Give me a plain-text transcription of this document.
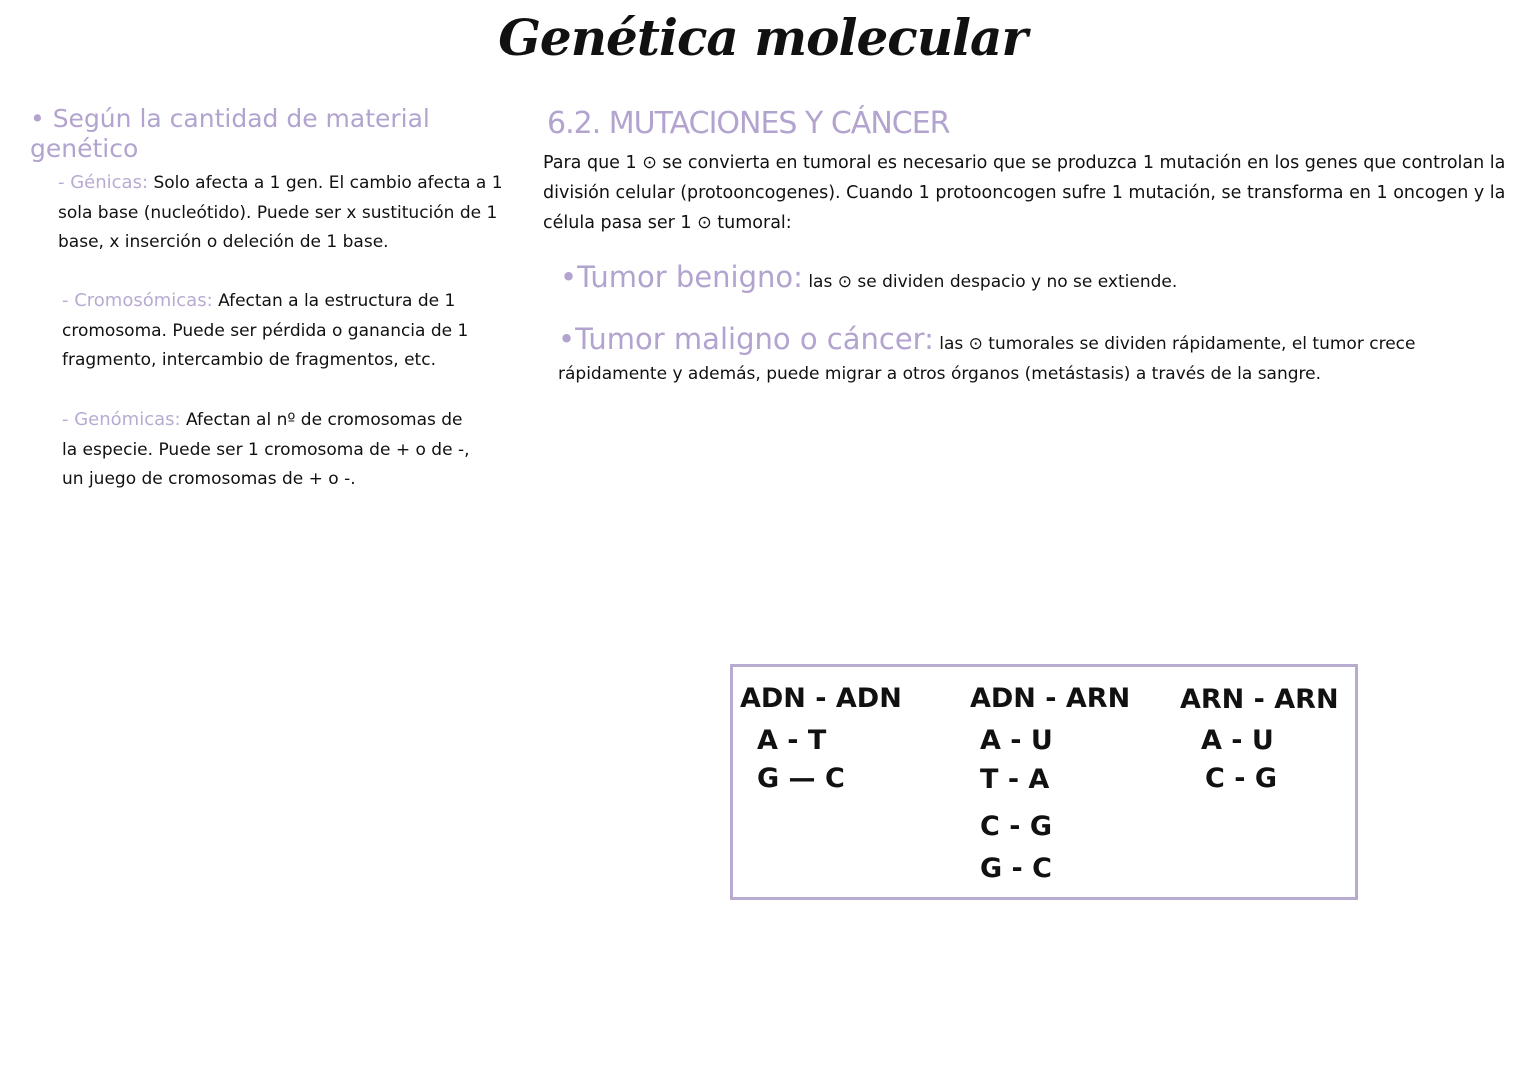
Genética molecular
• Según la cantidad de material genético
- Génicas: Solo afecta a 1 gen. El cambio afecta a 1 sola base (nucleótido). Puede ser x sustitución de 1 base, x inserción o deleción de 1 base.
- Cromosómicas: Afectan a la estructura de 1 cromosoma. Puede ser pérdida o ganancia de 1 fragmento, intercambio de fragmentos, etc.
- Genómicas: Afectan al nº de cromosomas de la especie. Puede ser 1 cromosoma de + o de -, un juego de cromosomas de + o -.
6.2. MUTACIONES Y CÁNCER
Para que 1 ⊙ se convierta en tumoral es necesario que se produzca 1 mutación en los genes que controlan la división celular (protooncogenes). Cuando 1 protooncogen sufre 1 mutación, se transforma en 1 oncogen y la célula pasa ser 1 ⊙ tumoral:
•Tumor benigno: las ⊙ se dividen despacio y no se extiende.
•Tumor maligno o cáncer: las ⊙ tumorales se dividen rápidamente, el tumor crece rápidamente y además, puede migrar a otros órganos (metástasis) a través de la sangre.
ADN - ADN
A - T
G — C
ADN - ARN
A - U
T - A
C - G
G - C
ARN - ARN
A - U
C - G
